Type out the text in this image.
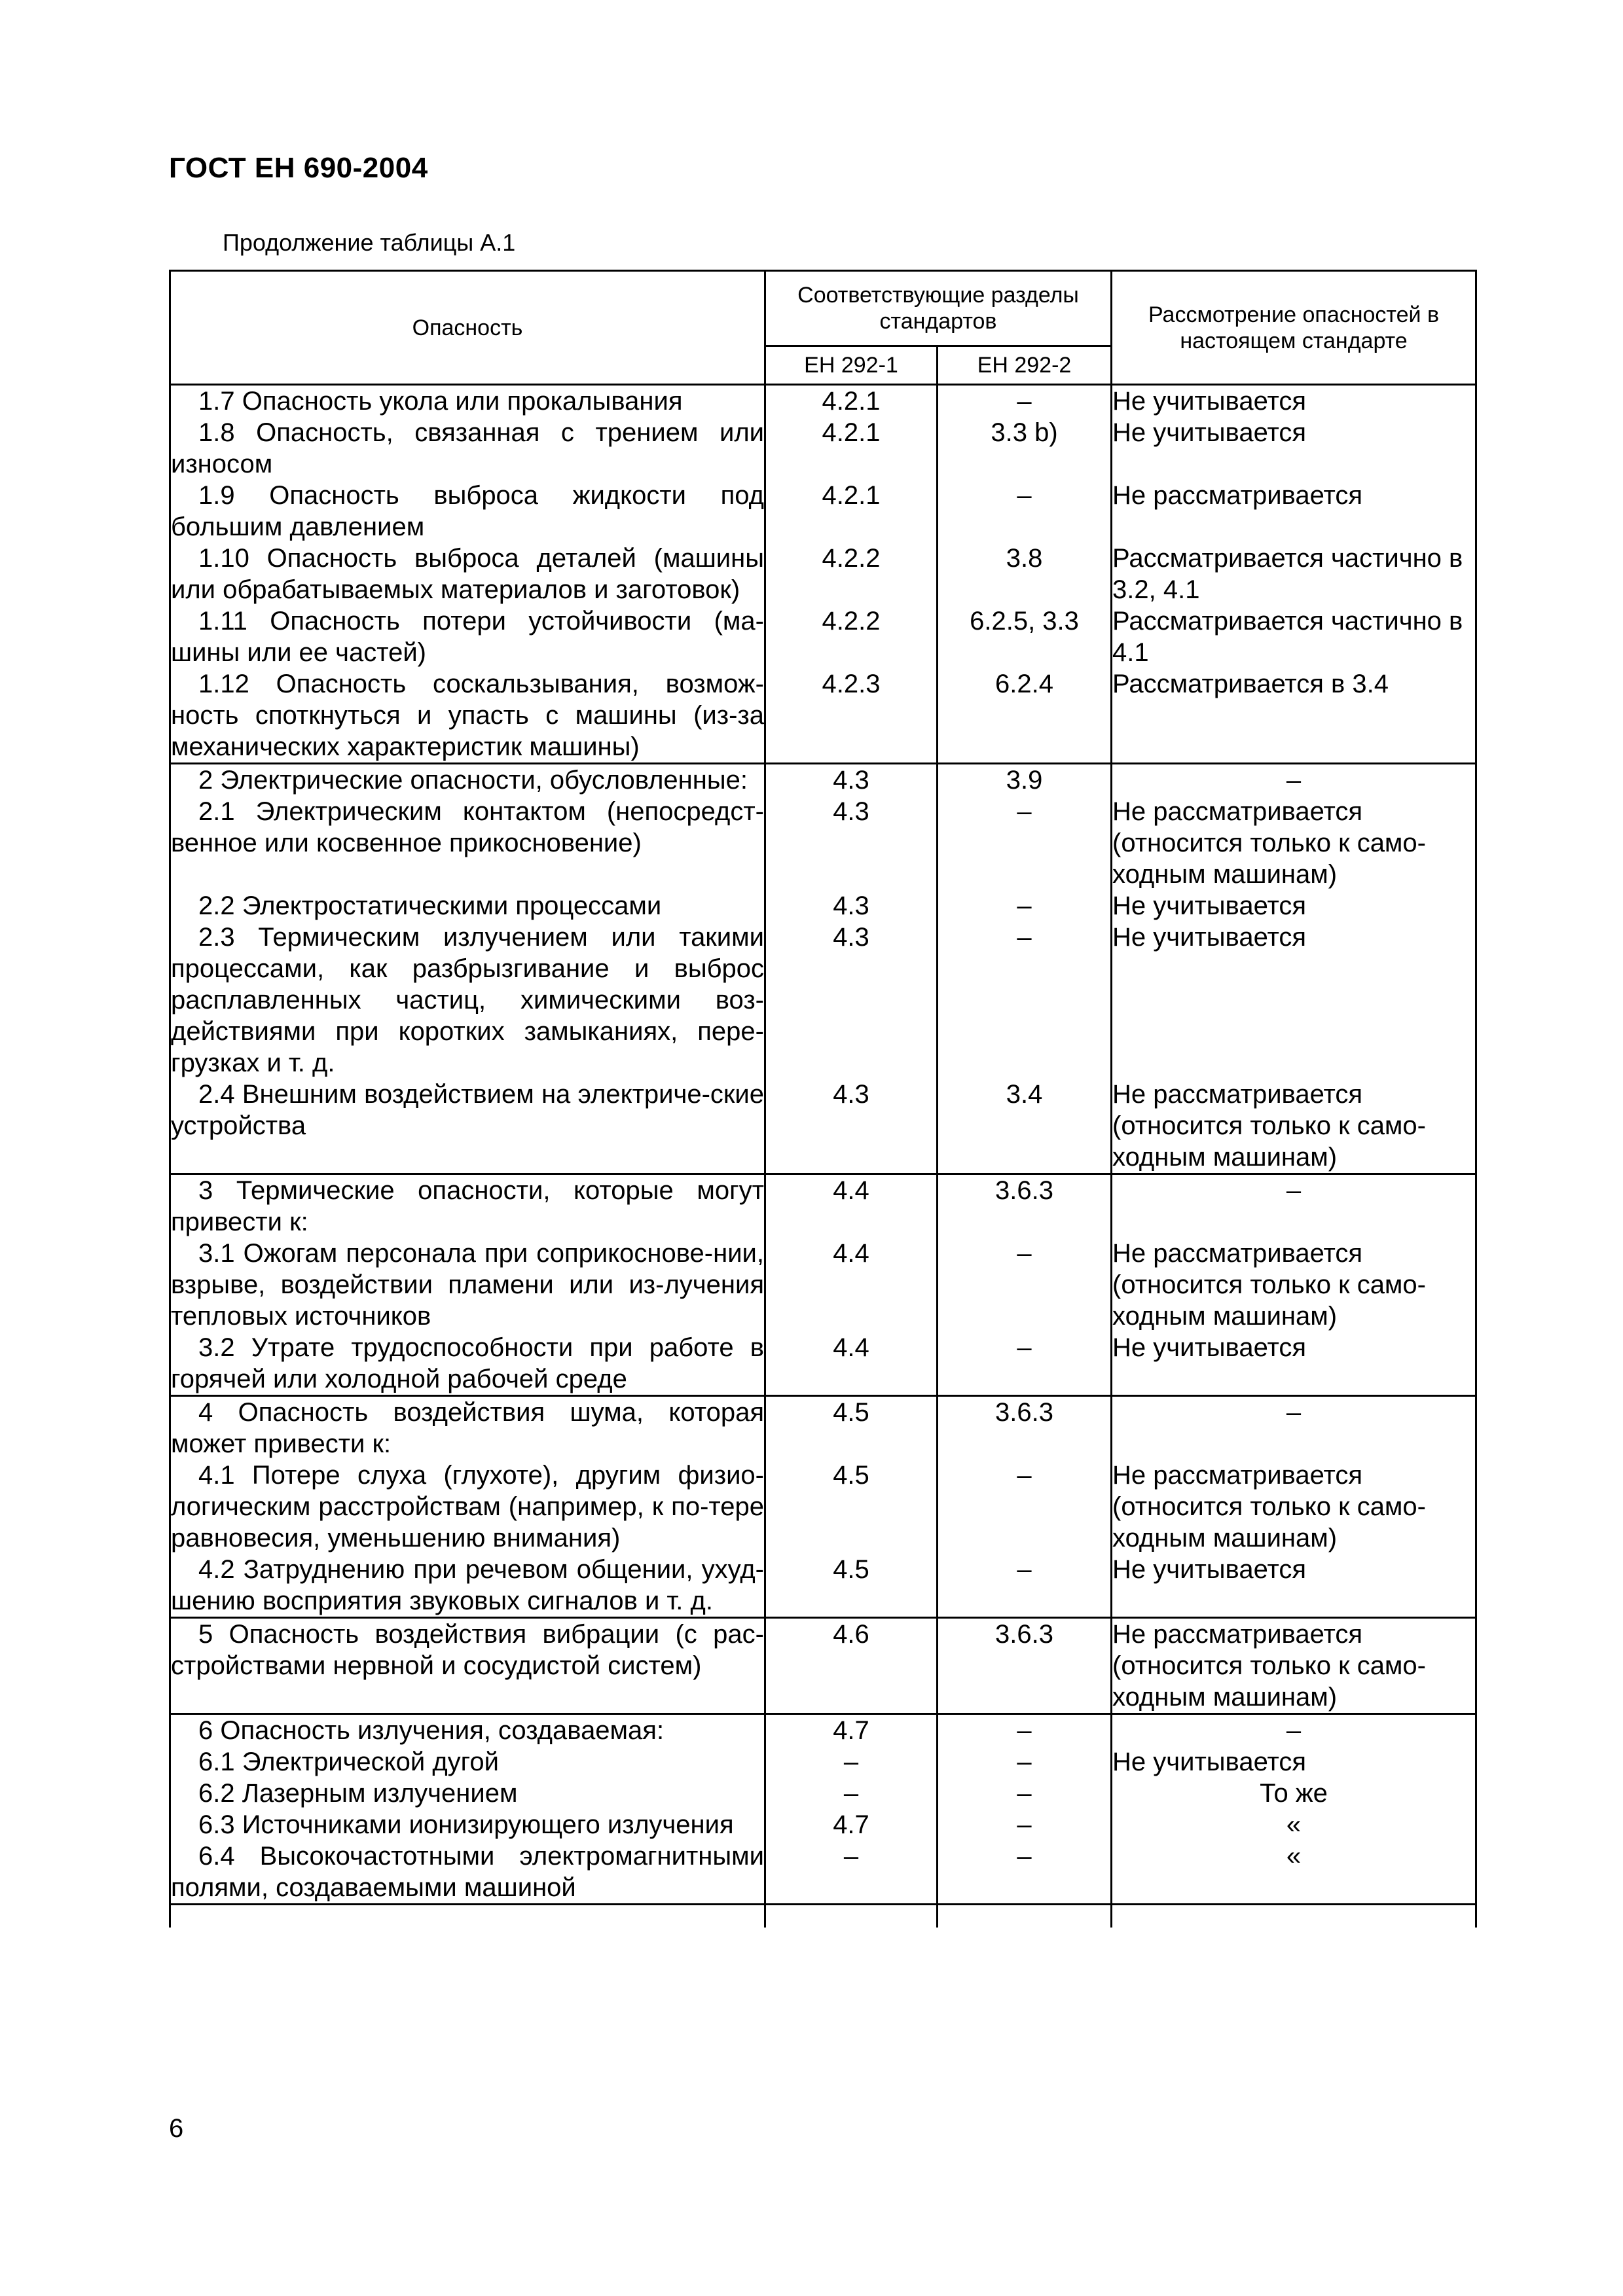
ГОСТ ЕН 690-2004
Продолжение таблицы А.1
Опасность	Соответствующие разделы стандартов		Рассмотрение опасностей в настоящем стандарте
	ЕН 292-1	ЕН 292-2	
1.7 Опасность укола или прокалывания	4.2.1	–	Не учитывается
1.8 Опасность, связанная с трением или износом	4.2.1	3.3 b)	Не учитывается
1.9 Опасность выброса жидкости под большим давлением	4.2.1	–	Не рассматривается
1.10 Опасность выброса деталей (машины или обрабатываемых материалов и заготовок)	4.2.2	3.8	Рассматривается частично в 3.2, 4.1
1.11 Опасность потери устойчивости (ма-шины или ее частей)	4.2.2	6.2.5, 3.3	Рассматривается частично в 4.1
1.12 Опасность соскальзывания, возмож-ность споткнуться и упасть с машины (из-за механических характеристик машины)	4.2.3	6.2.4	Рассматривается в 3.4
2 Электрические опасности, обусловленные:	4.3	3.9	–
2.1 Электрическим контактом (непосредст-венное или косвенное прикосновение)	4.3	–	Не рассматривается (относится только к само-ходным машинам)
2.2 Электростатическими процессами	4.3	–	Не учитывается
2.3 Термическим излучением или такими процессами, как разбрызгивание и выброс расплавленных частиц, химическими воз-действиями при коротких замыканиях, пере-грузках и т. д.	4.3	–	Не учитывается
2.4 Внешним воздействием на электриче-ские устройства	4.3	3.4	Не рассматривается (относится только к само-ходным машинам)
3 Термические опасности, которые могут привести к:	4.4	3.6.3	–
3.1 Ожогам персонала при соприкоснове-нии, взрыве, воздействии пламени или из-лучения тепловых источников	4.4	–	Не рассматривается (относится только к само-ходным машинам)
3.2 Утрате трудоспособности при работе в горячей или холодной рабочей среде	4.4	–	Не учитывается
4 Опасность воздействия шума, которая может привести к:	4.5	3.6.3	–
4.1 Потере слуха (глухоте), другим физио-логическим расстройствам (например, к по-тере равновесия, уменьшению внимания)	4.5	–	Не рассматривается (относится только к само-ходным машинам)
4.2 Затруднению при речевом общении, ухуд-шению восприятия звуковых сигналов и т. д.	4.5	–	Не учитывается
5 Опасность воздействия вибрации (с рас-стройствами нервной и сосудистой систем)	4.6	3.6.3	Не рассматривается (относится только к само-ходным машинам)
6 Опасность излучения, создаваемая:	4.7	–	–
6.1 Электрической дугой	–	–	Не учитывается
6.2 Лазерным излучением	–	–	То же
6.3 Источниками ионизирующего излучения	4.7	–	«
6.4 Высокочастотными электромагнитными полями, создаваемыми машиной	–	–	«

6
